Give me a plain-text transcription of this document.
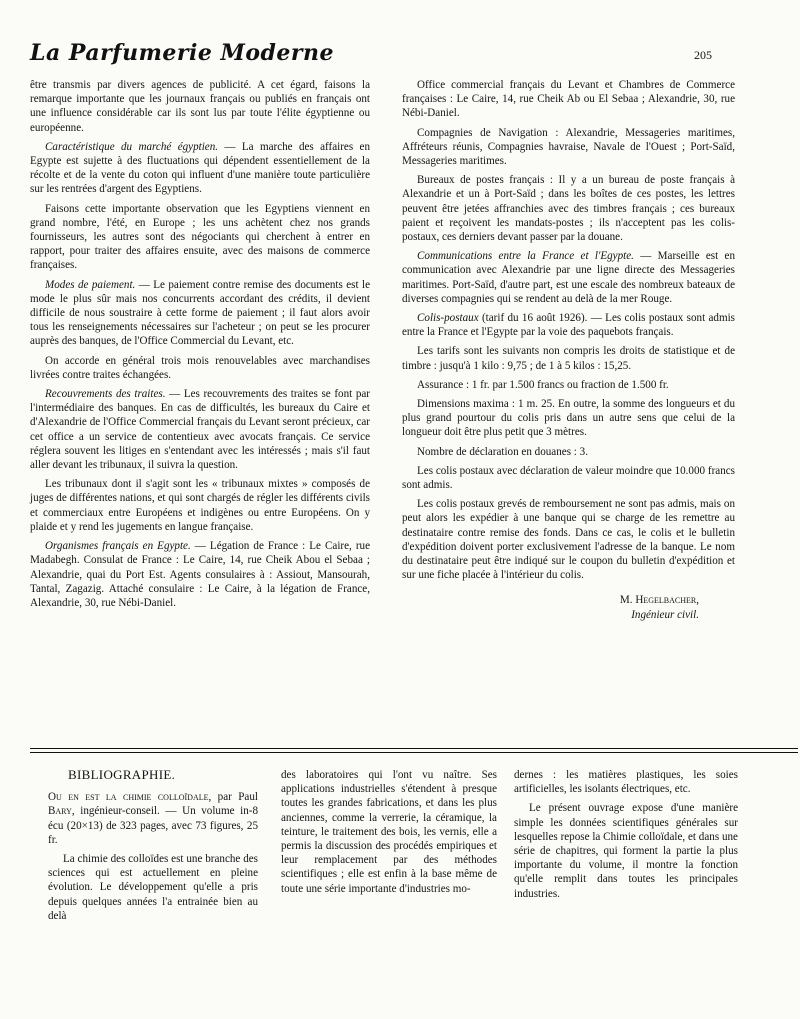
La Parfumerie Moderne	205

être transmis par divers agences de publicité. A cet égard, faisons la remarque importante que les journaux français ou publiés en français ont une influence considérable car ils sont lus par toute l'élite égyptienne ou européenne.

Caractéristique du marché égyptien. — La marche des affaires en Egypte est sujette à des fluctuations qui dépendent essentiellement de la récolte et de la vente du coton qui influent d'une manière toute particulière sur les rentrées d'argent des Egyptiens.

Faisons cette importante observation que les Egyptiens viennent en grand nombre, l'été, en Europe ; les uns achètent chez nos grands fournisseurs, les autres sont des négociants qui cherchent à entrer en rapport, pour traiter des affaires ensuite, avec des maisons de commerce françaises.

Modes de paiement. — Le paiement contre remise des documents est le mode le plus sûr mais nos concurrents accordant des crédits, il devient difficile de nous soustraire à cette forme de paiement ; il faut alors avoir tous les renseignements nécessaires sur l'acheteur ; on peut se les procurer auprès des banques, de l'Office Commercial du Levant, etc.

On accorde en général trois mois renouvelables avec marchandises livrées contre traites échangées.

Recouvrements des traites. — Les recouvrements des traites se font par l'intermédiaire des banques. En cas de difficultés, les bureaux du Caire et d'Alexandrie de l'Office Commercial français du Levant seront précieux, car cet office a un service de contentieux avec avocats français. Ce service réglera souvent les litiges en s'entendant avec les intéressés ; mais s'il faut aller devant les tribunaux, il suivra la question.

Les tribunaux dont il s'agit sont les « tribunaux mixtes » composés de juges de différentes nations, et qui sont chargés de régler les différents civils et commerciaux entre Européens et indigènes ou entre Européens. On y plaide et y rend les jugements en langue française.

Organismes français en Egypte. — Légation de France : Le Caire, rue Madabegh. Consulat de France : Le Caire, 14, rue Cheik Abou el Sebaa ; Alexandrie, quai du Port Est. Agents consulaires à : Assiout, Mansourah, Tantal, Zagazig. Attaché consulaire : Le Caire, à la légation de France, Alexandrie, 30, rue Nébi-Daniel.

Office commercial français du Levant et Chambres de Commerce françaises : Le Caire, 14, rue Cheik Ab ou El Sebaa ; Alexandrie, 30, rue Nébi-Daniel.

Compagnies de Navigation : Alexandrie, Messageries maritimes, Affréteurs réunis, Compagnies havraise, Navale de l'Ouest ; Port-Saïd, Messageries maritimes.

Bureaux de postes français : Il y a un bureau de poste français à Alexandrie et un à Port-Saïd ; dans les boîtes de ces postes, les lettres peuvent être jetées affranchies avec des timbres français ; ces bureaux paient et reçoivent les mandats-postes ; ils n'acceptent pas les colis-postaux, ces derniers devant passer par la douane.

Communications entre la France et l'Egypte. — Marseille est en communication avec Alexandrie par une ligne directe des Messageries maritimes. Port-Saïd, d'autre part, est une escale des nombreux bateaux de diverses compagnies qui se rendent au delà de la mer Rouge.

Colis-postaux (tarif du 16 août 1926). — Les colis postaux sont admis entre la France et l'Egypte par la voie des paquebots français.

Les tarifs sont les suivants non compris les droits de statistique et de timbre : jusqu'à 1 kilo : 9,75 ; de 1 à 5 kilos : 15,25.

Assurance : 1 fr. par 1.500 francs ou fraction de 1.500 fr.

Dimensions maxima : 1 m. 25. En outre, la somme des longueurs et du plus grand pourtour du colis pris dans un autre sens que celui de la longueur doit être plus petit que 3 mètres.

Nombre de déclaration en douanes : 3.

Les colis postaux avec déclaration de valeur moindre que 10.000 francs sont admis.

Les colis postaux grevés de remboursement ne sont pas admis, mais on peut alors les expédier à une banque qui se charge de les remettre au destinataire contre remise des fonds. Dans ce cas, le colis et le bulletin d'expédition doivent porter exclusivement l'adresse de la banque. Le nom du destinataire peut être indiqué sur le coupon du bulletin d'expédition et sur une fiche placée à l'intérieur du colis.

M. Hegelbacher,
Ingénieur civil.
BIBLIOGRAPHIE.

Ou en est la chimie colloïdale, par Paul Bary, ingénieur-conseil. — Un volume in-8 écu (20×13) de 323 pages, avec 73 figures, 25 fr.

La chimie des colloïdes est une branche des sciences qui est actuellement en pleine évolution. Le développement qu'elle a pris depuis quelques années l'a entrainée bien au delà

des laboratoires qui l'ont vu naître. Ses applications industrielles s'étendent à presque toutes les grandes fabrications, et dans les plus anciennes, comme la verrerie, la céramique, la teinture, le traitement des bois, les vernis, elle a permis la discussion des procédés empiriques et leur remplacement par des méthodes scientifiques ; elle est enfin à la base même de toute une série importante d'industries mo-

dernes : les matières plastiques, les soies artificielles, les isolants électriques, etc.

Le présent ouvrage expose d'une manière simple les données scientifiques générales sur lesquelles repose la Chimie colloïdale, et dans une série de chapitres, qui forment la partie la plus importante du volume, il montre la fonction qu'elle remplit dans toutes les principales industries.
